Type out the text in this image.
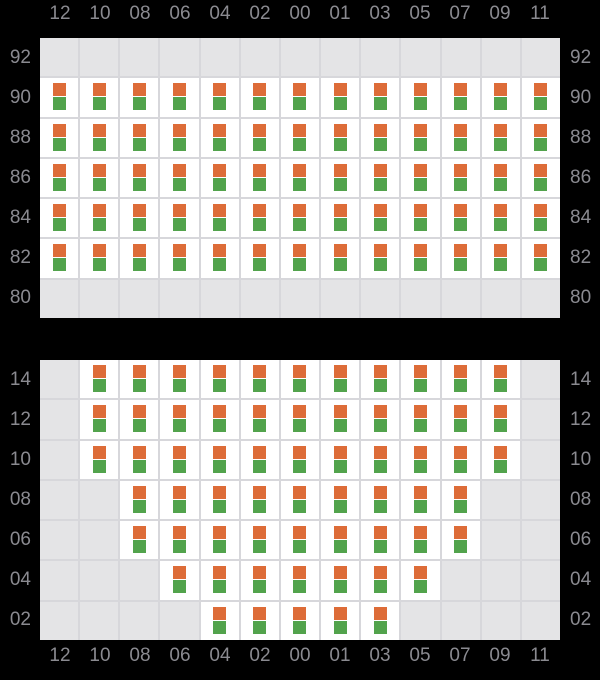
12 10 08 06 04 02 00 01 03 05 07 09	11
92
90
88
86
84
82
80
92
90
88
86
84
82
80
14
12
10
08
06
04
02
14
12
10
08
06
04
02
12 10 08 06 04 02 00 01 03 05 07 09	11
